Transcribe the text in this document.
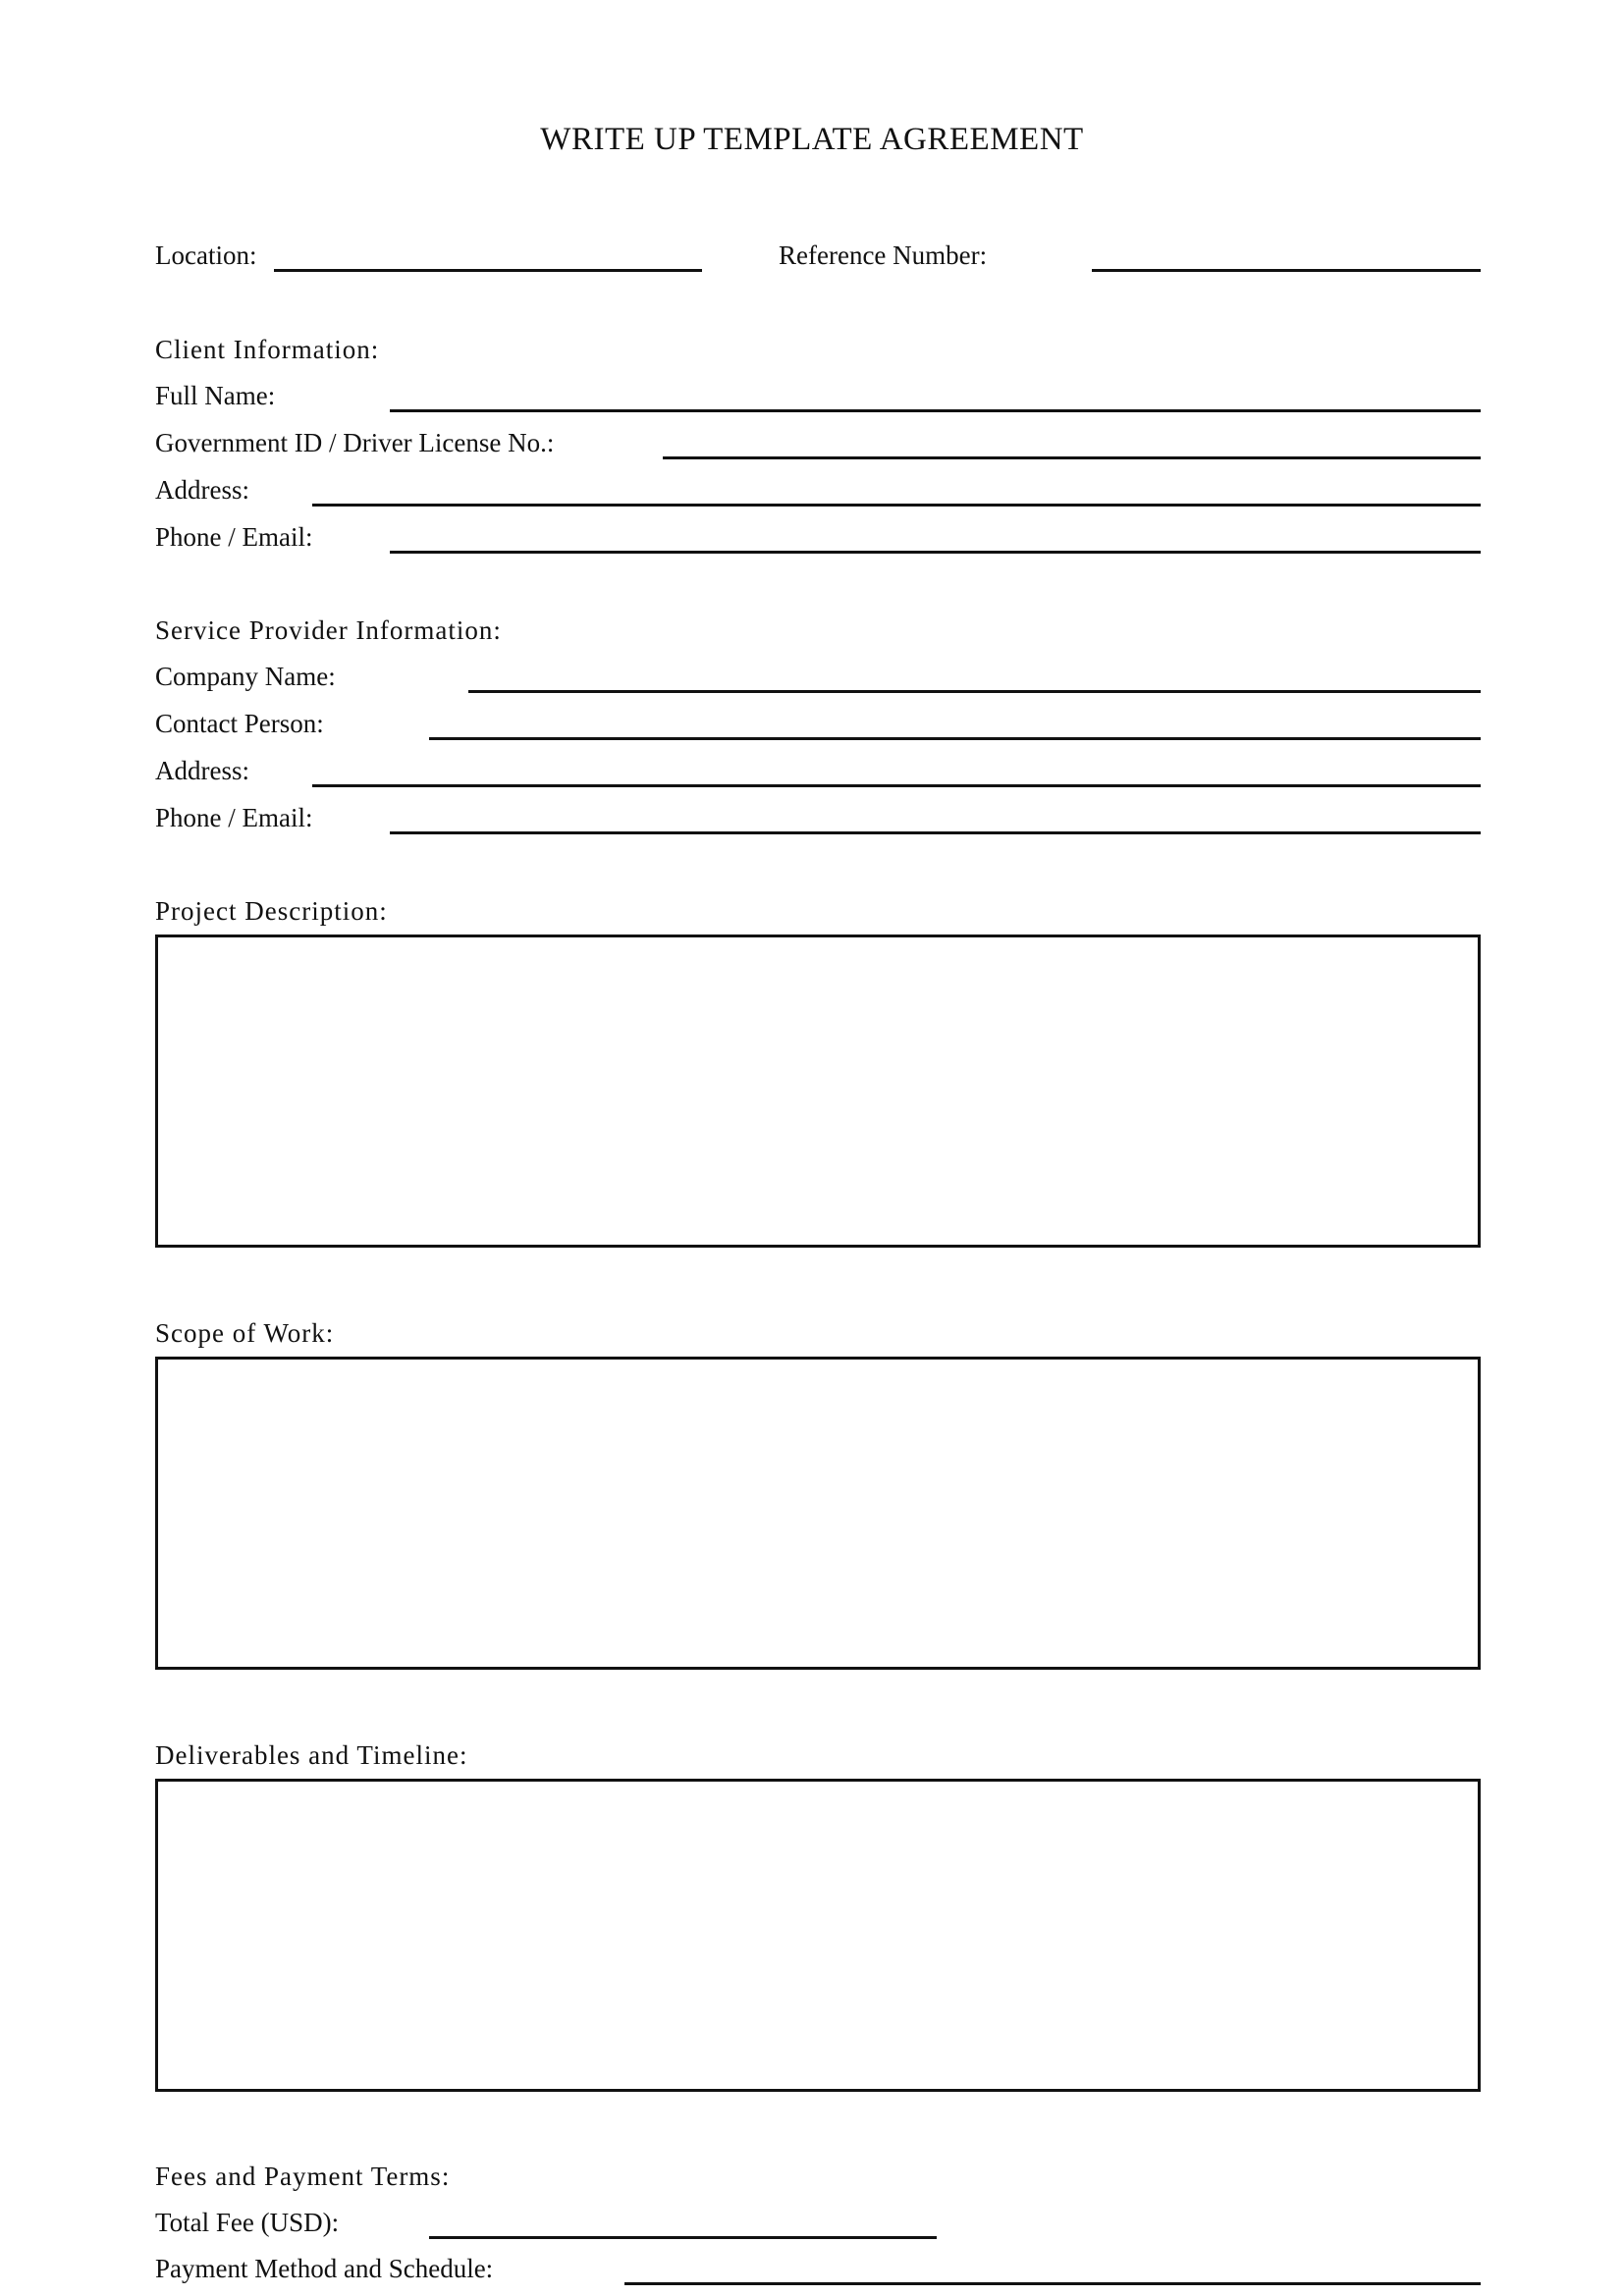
WRITE UP TEMPLATE AGREEMENT
Location:	Reference Number:
Client Information:
Full Name:
Government ID / Driver License No.:
Address:
Phone / Email:
Service Provider Information:
Company Name:
Contact Person:
Address:
Phone / Email:
Project Description:
Scope of Work:
Deliverables and Timeline:
Fees and Payment Terms:
Total Fee (USD):
Payment Method and Schedule:
